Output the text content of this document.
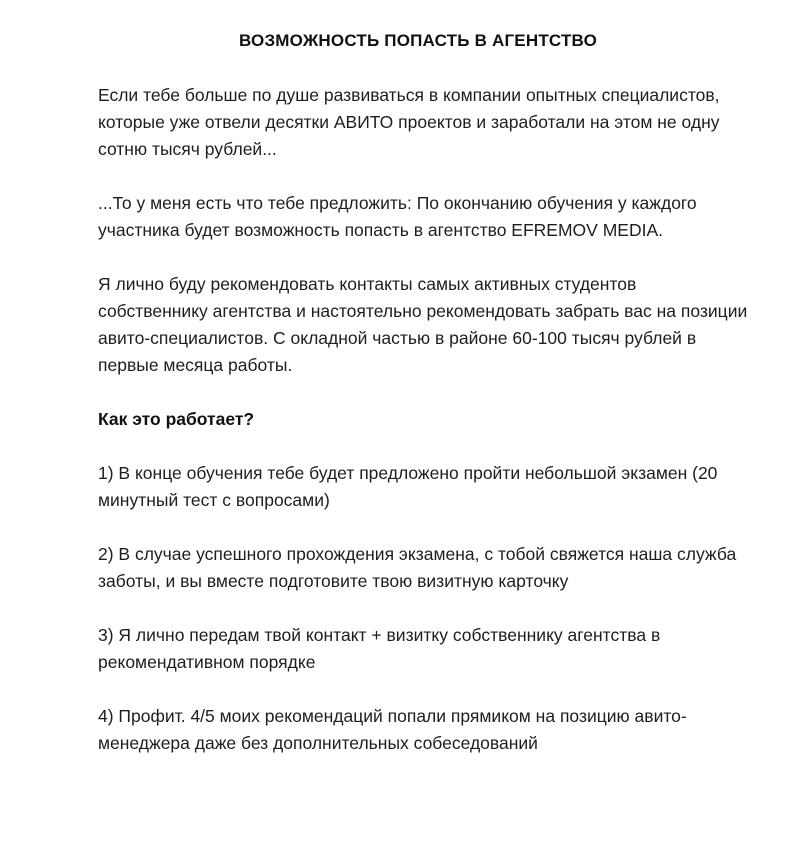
ВОЗМОЖНОСТЬ ПОПАСТЬ В АГЕНТСТВО

Если тебе больше по душе развиваться в компании опытных специалистов, которые уже отвели десятки АВИТО проектов и заработали на этом не одну сотню тысяч рублей...

...То у меня есть что тебе предложить: По окончанию обучения у каждого участника будет возможность попасть в агентство EFREMOV MEDIA.

Я лично буду рекомендовать контакты самых активных студентов собственнику агентства и настоятельно рекомендовать забрать вас на позиции авито-специалистов. С окладной частью в районе 60-100 тысяч рублей в первые месяца работы.

Как это работает?

1) В конце обучения тебе будет предложено пройти небольшой экзамен (20 минутный тест с вопросами)

2) В случае успешного прохождения экзамена, с тобой свяжется наша служба заботы, и вы вместе подготовите твою визитную карточку

3) Я лично передам твой контакт + визитку собственнику агентства в рекомендативном порядке

4) Профит. 4/5 моих рекомендаций попали прямиком на позицию авито-менеджера даже без дополнительных собеседований
